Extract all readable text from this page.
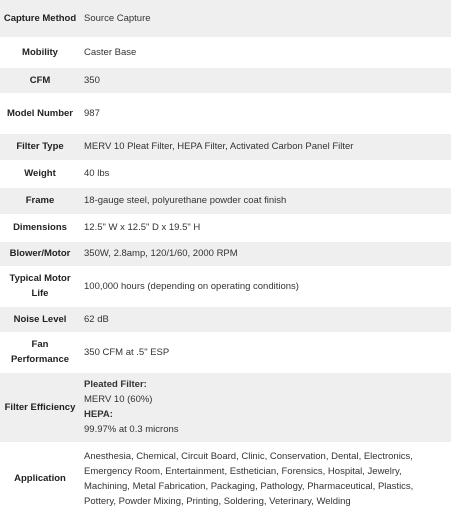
Capture Method	Source Capture
Mobility	Caster Base
CFM	350
Model Number	987
Filter Type	MERV 10 Pleat Filter, HEPA Filter, Activated Carbon Panel Filter
Weight	40 lbs
Frame	18-gauge steel, polyurethane powder coat finish
Dimensions	12.5" W x 12.5" D x 19.5" H
Blower/Motor	350W, 2.8amp, 120/1/60, 2000 RPM
Typical Motor Life	100,000 hours (depending on operating conditions)
Noise Level	62 dB
Fan Performance	350 CFM at .5" ESP
Filter Efficiency	Pleated Filter:
MERV 10 (60%)
HEPA:
99.97% at 0.3 microns

Application	Anesthesia, Chemical, Circuit Board, Clinic, Conservation, Dental, Electronics, Emergency Room, Entertainment, Esthetician, Forensics, Hospital, Jewelry, Machining, Metal Fabrication, Packaging, Pathology, Pharmaceutical, Plastics, Pottery, Powder Mixing, Printing, Soldering, Veterinary, Welding
